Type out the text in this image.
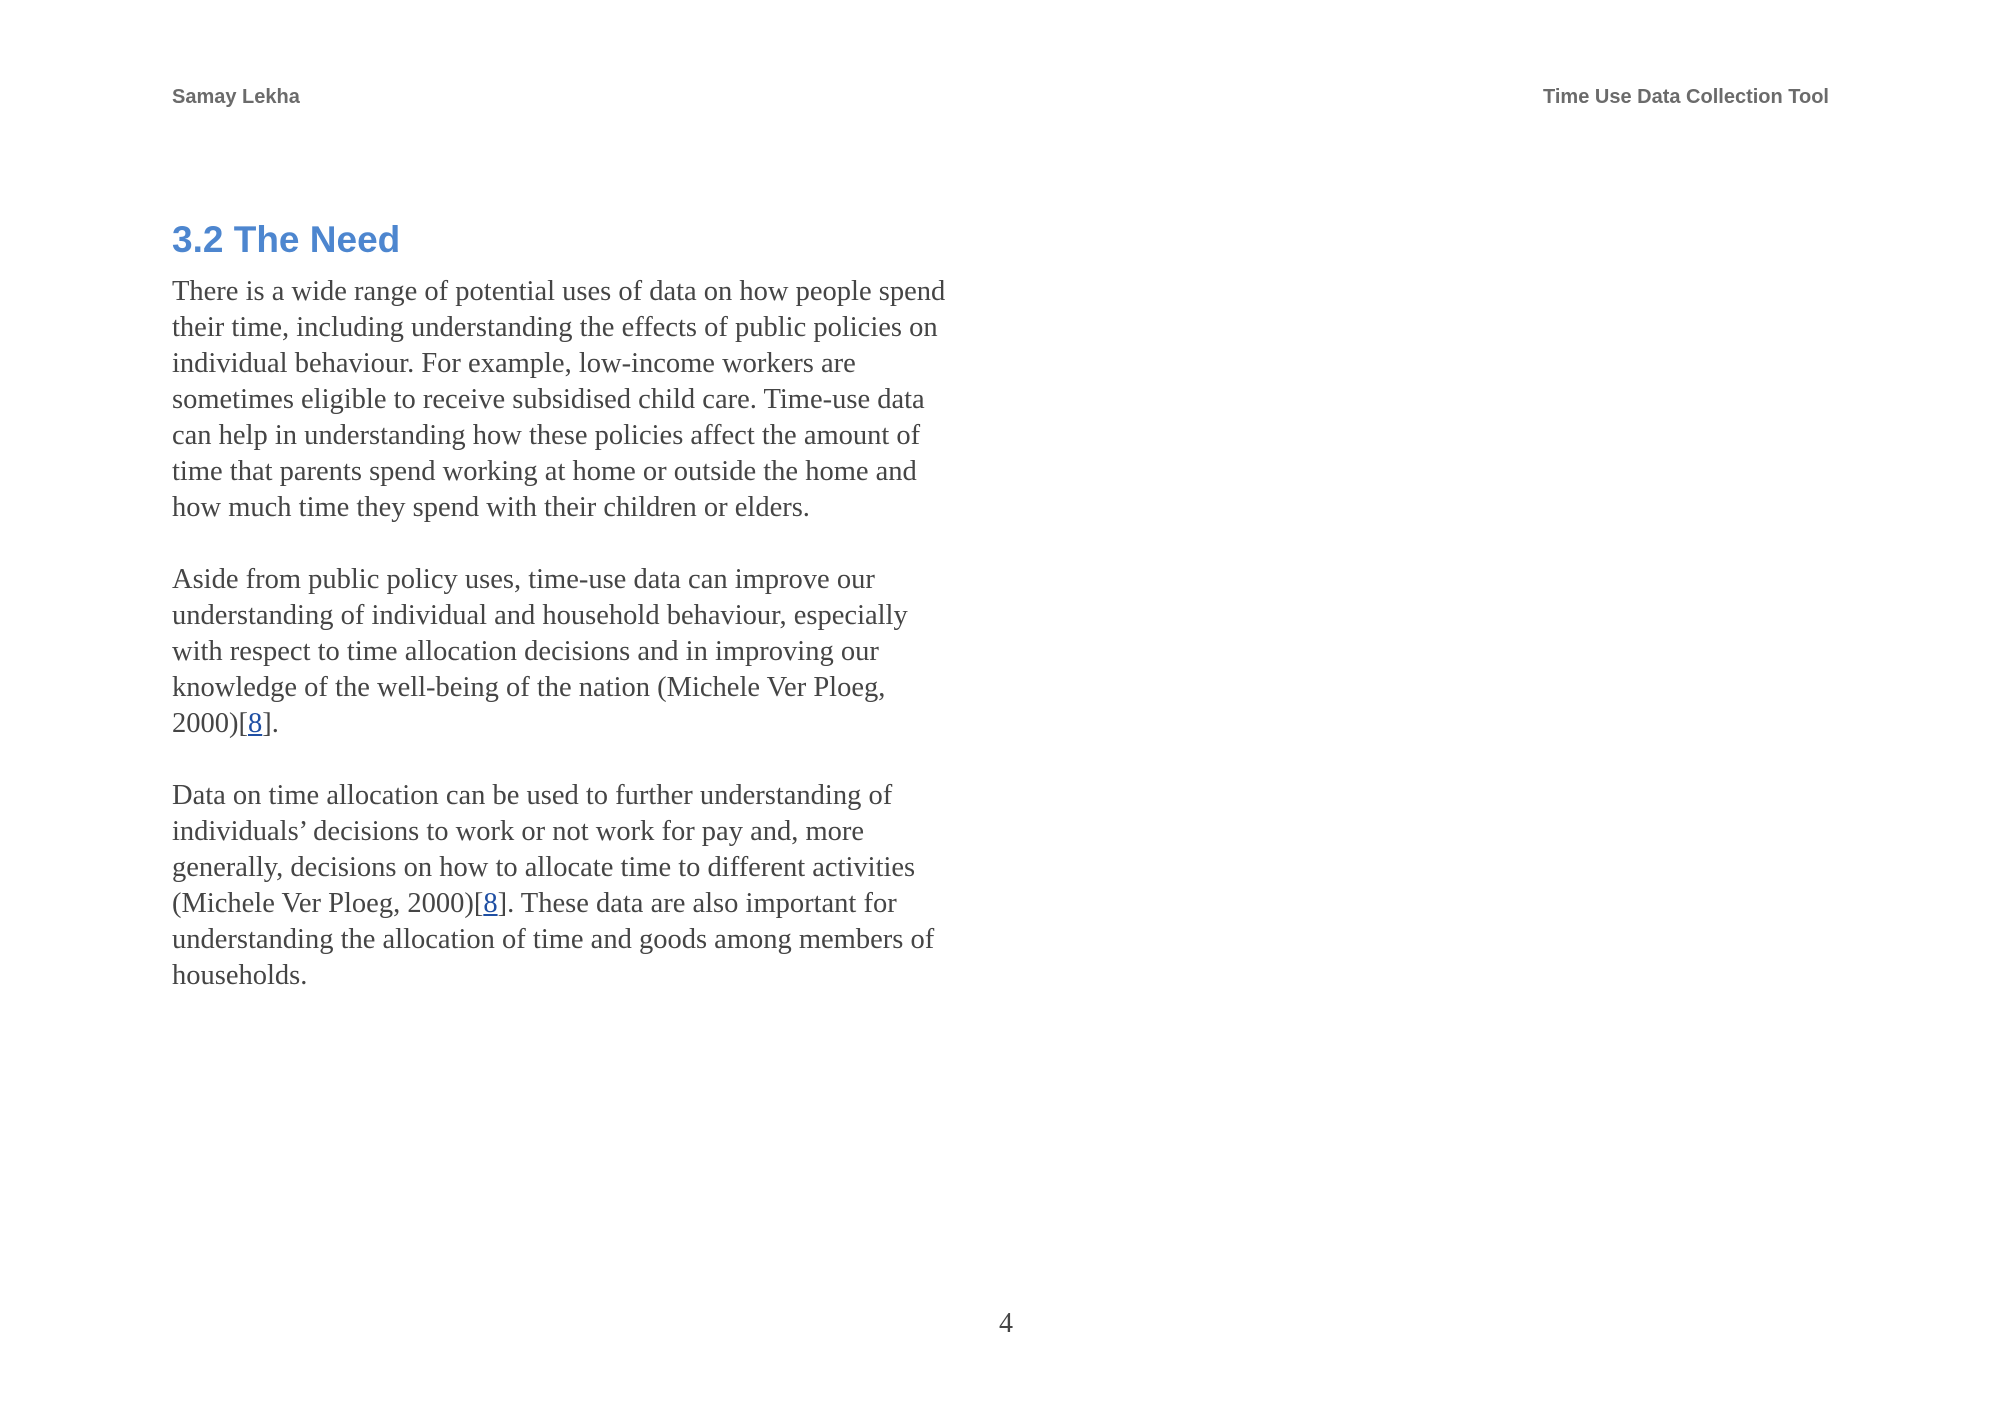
Samay Lekha	Time Use Data Collection Tool
3.2 The Need

There is a wide range of potential uses of data on how people spend
their time, including understanding the effects of public policies on
individual behaviour. For example, low-income workers are
sometimes eligible to receive subsidised child care. Time-use data
can help in understanding how these policies affect the amount of
time that parents spend working at home or outside the home and
how much time they spend with their children or elders.

Aside from public policy uses, time-use data can improve our
understanding of individual and household behaviour, especially
with respect to time allocation decisions and in improving our
knowledge of the well-being of the nation (Michele Ver Ploeg,
2000)[8].

Data on time allocation can be used to further understanding of
individuals’ decisions to work or not work for pay and, more
generally, decisions on how to allocate time to different activities
(Michele Ver Ploeg, 2000)[8]. These data are also important for
understanding the allocation of time and goods among members of
households.

4
